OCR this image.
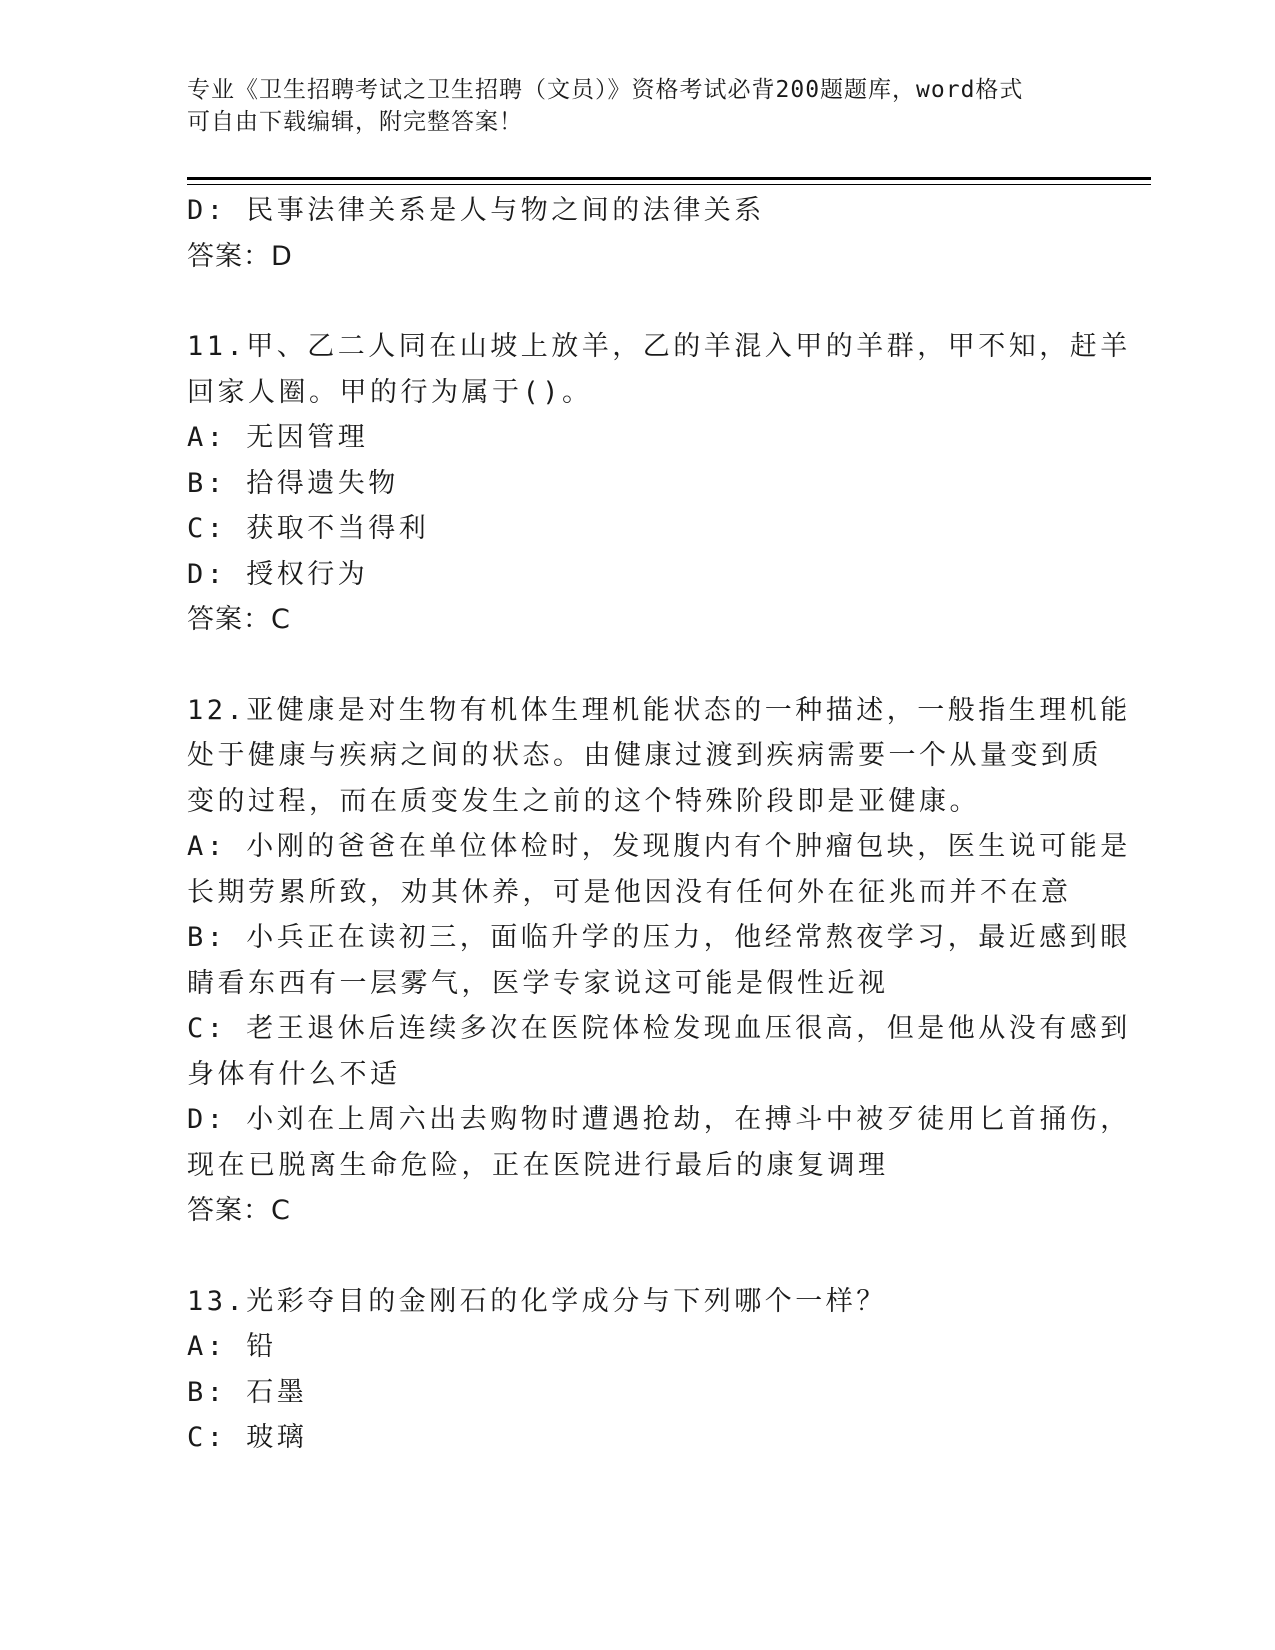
专业《卫生招聘考试之卫生招聘（文员）》资格考试必背200题题库，word格式
可自由下载编辑，附完整答案！
D: 民事法律关系是人与物之间的法律关系
答案：D
11.甲、乙二人同在山坡上放羊，乙的羊混入甲的羊群，甲不知，赶羊
回家人圈。甲的行为属于()。
A: 无因管理
B: 拾得遗失物
C: 获取不当得利
D: 授权行为
答案：C
12.亚健康是对生物有机体生理机能状态的一种描述，一般指生理机能
处于健康与疾病之间的状态。由健康过渡到疾病需要一个从量变到质
变的过程，而在质变发生之前的这个特殊阶段即是亚健康。
A: 小刚的爸爸在单位体检时，发现腹内有个肿瘤包块，医生说可能是
长期劳累所致，劝其休养，可是他因没有任何外在征兆而并不在意
B: 小兵正在读初三，面临升学的压力，他经常熬夜学习，最近感到眼
睛看东西有一层雾气，医学专家说这可能是假性近视
C: 老王退休后连续多次在医院体检发现血压很高，但是他从没有感到
身体有什么不适
D: 小刘在上周六出去购物时遭遇抢劫，在搏斗中被歹徒用匕首捅伤，
现在已脱离生命危险，正在医院进行最后的康复调理
答案：C
13.光彩夺目的金刚石的化学成分与下列哪个一样？
A: 铅
B: 石墨
C: 玻璃
